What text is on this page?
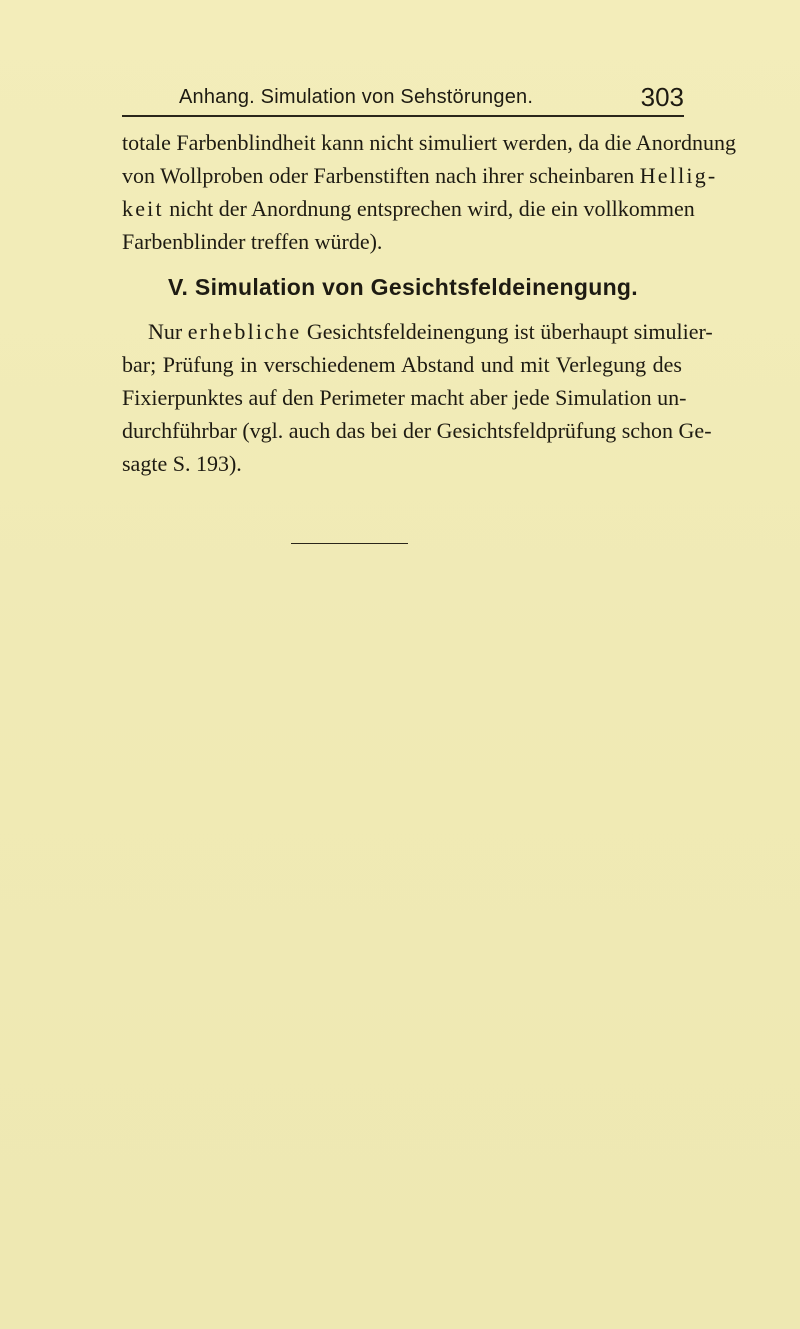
Anhang. Simulation von Sehstörungen.	303
totale Farbenblindheit kann nicht simuliert werden, da die Anordnung
von Wollproben oder Farbenstiften nach ihrer scheinbaren Hellig-
keit nicht der Anordnung entsprechen wird, die ein vollkommen
Farbenblinder treffen würde).
V. Simulation von Gesichtsfeldeinengung.
Nur erhebliche Gesichtsfeldeinengung ist überhaupt simulier-
bar; Prüfung in verschiedenem Abstand und mit Verlegung des
Fixierpunktes auf den Perimeter macht aber jede Simulation un-
durchführbar (vgl. auch das bei der Gesichtsfeldprüfung schon Ge-
sagte S. 193).
